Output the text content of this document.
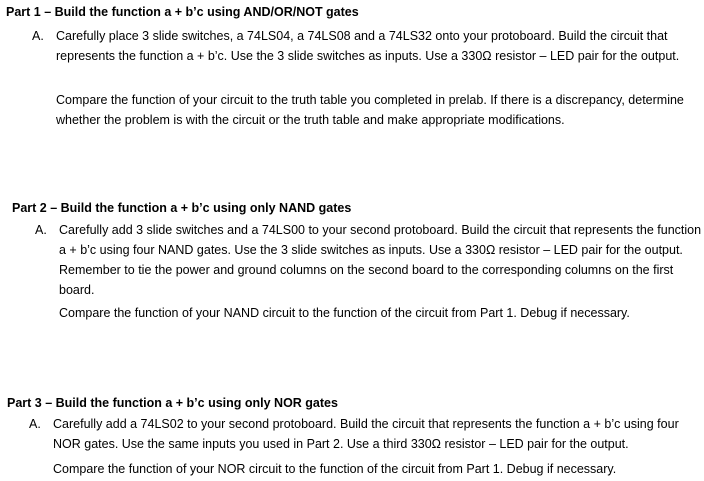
Part 1 – Build the function a + b’c using AND/OR/NOT gates
A. Carefully place 3 slide switches, a 74LS04, a 74LS08 and a 74LS32 onto your protoboard. Build the circuit that represents the function a + b’c. Use the 3 slide switches as inputs. Use a 330Ω resistor – LED pair for the output.
Compare the function of your circuit to the truth table you completed in prelab. If there is a discrepancy, determine whether the problem is with the circuit or the truth table and make appropriate modifications.
Part 2 – Build the function a + b’c using only NAND gates
A. Carefully add 3 slide switches and a 74LS00 to your second protoboard. Build the circuit that represents the function a + b’c using four NAND gates. Use the 3 slide switches as inputs. Use a 330Ω resistor – LED pair for the output. Remember to tie the power and ground columns on the second board to the corresponding columns on the first board.
Compare the function of your NAND circuit to the function of the circuit from Part 1. Debug if necessary.
Part 3 – Build the function a + b’c using only NOR gates
A. Carefully add a 74LS02 to your second protoboard. Build the circuit that represents the function a + b’c using four NOR gates. Use the same inputs you used in Part 2. Use a third 330Ω resistor – LED pair for the output.
Compare the function of your NOR circuit to the function of the circuit from Part 1. Debug if necessary.
